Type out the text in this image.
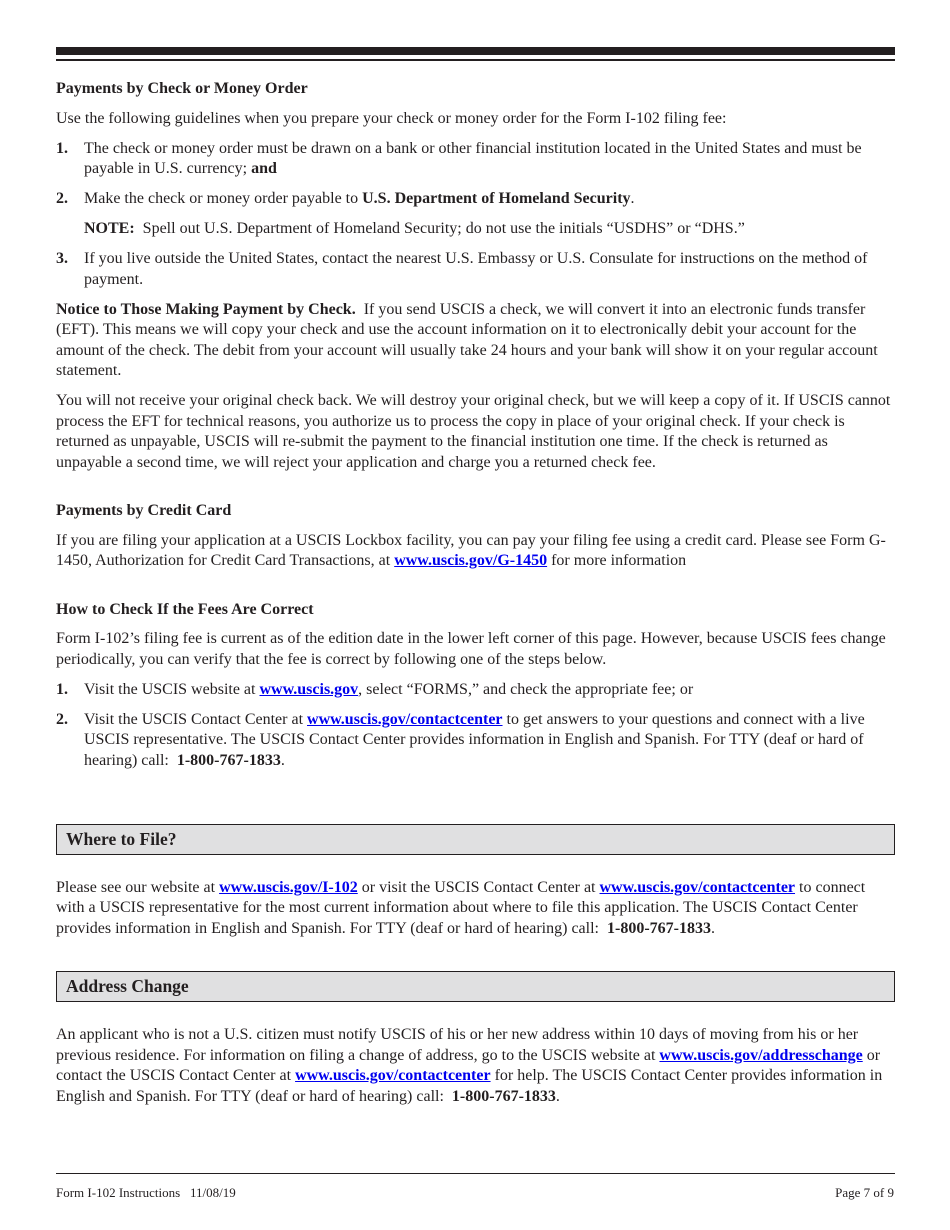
Payments by Check or Money Order

Use the following guidelines when you prepare your check or money order for the Form I-102 filing fee:

1. The check or money order must be drawn on a bank or other financial institution located in the United States and must be payable in U.S. currency; and
2. Make the check or money order payable to U.S. Department of Homeland Security.
NOTE: Spell out U.S. Department of Homeland Security; do not use the initials “USDHS” or “DHS.”
3. If you live outside the United States, contact the nearest U.S. Embassy or U.S. Consulate for instructions on the method of payment.

Notice to Those Making Payment by Check. If you send USCIS a check, we will convert it into an electronic funds transfer (EFT). This means we will copy your check and use the account information on it to electronically debit your account for the amount of the check. The debit from your account will usually take 24 hours and your bank will show it on your regular account statement.

You will not receive your original check back. We will destroy your original check, but we will keep a copy of it. If USCIS cannot process the EFT for technical reasons, you authorize us to process the copy in place of your original check. If your check is returned as unpayable, USCIS will re-submit the payment to the financial institution one time. If the check is returned as unpayable a second time, we will reject your application and charge you a returned check fee.

Payments by Credit Card

If you are filing your application at a USCIS Lockbox facility, you can pay your filing fee using a credit card. Please see Form G-1450, Authorization for Credit Card Transactions, at www.uscis.gov/G-1450 for more information

How to Check If the Fees Are Correct

Form I-102’s filing fee is current as of the edition date in the lower left corner of this page. However, because USCIS fees change periodically, you can verify that the fee is correct by following one of the steps below.

1. Visit the USCIS website at www.uscis.gov, select “FORMS,” and check the appropriate fee; or
2. Visit the USCIS Contact Center at www.uscis.gov/contactcenter to get answers to your questions and connect with a live USCIS representative. The USCIS Contact Center provides information in English and Spanish. For TTY (deaf or hard of hearing) call: 1-800-767-1833.
Where to File?

Please see our website at www.uscis.gov/I-102 or visit the USCIS Contact Center at www.uscis.gov/contactcenter to connect with a USCIS representative for the most current information about where to file this application. The USCIS Contact Center provides information in English and Spanish. For TTY (deaf or hard of hearing) call: 1-800-767-1833.

Address Change

An applicant who is not a U.S. citizen must notify USCIS of his or her new address within 10 days of moving from his or her previous residence. For information on filing a change of address, go to the USCIS website at www.uscis.gov/addresschange or contact the USCIS Contact Center at www.uscis.gov/contactcenter for help. The USCIS Contact Center provides information in English and Spanish. For TTY (deaf or hard of hearing) call: 1-800-767-1833.

Form I-102 Instructions   11/08/19	Page 7 of 9
